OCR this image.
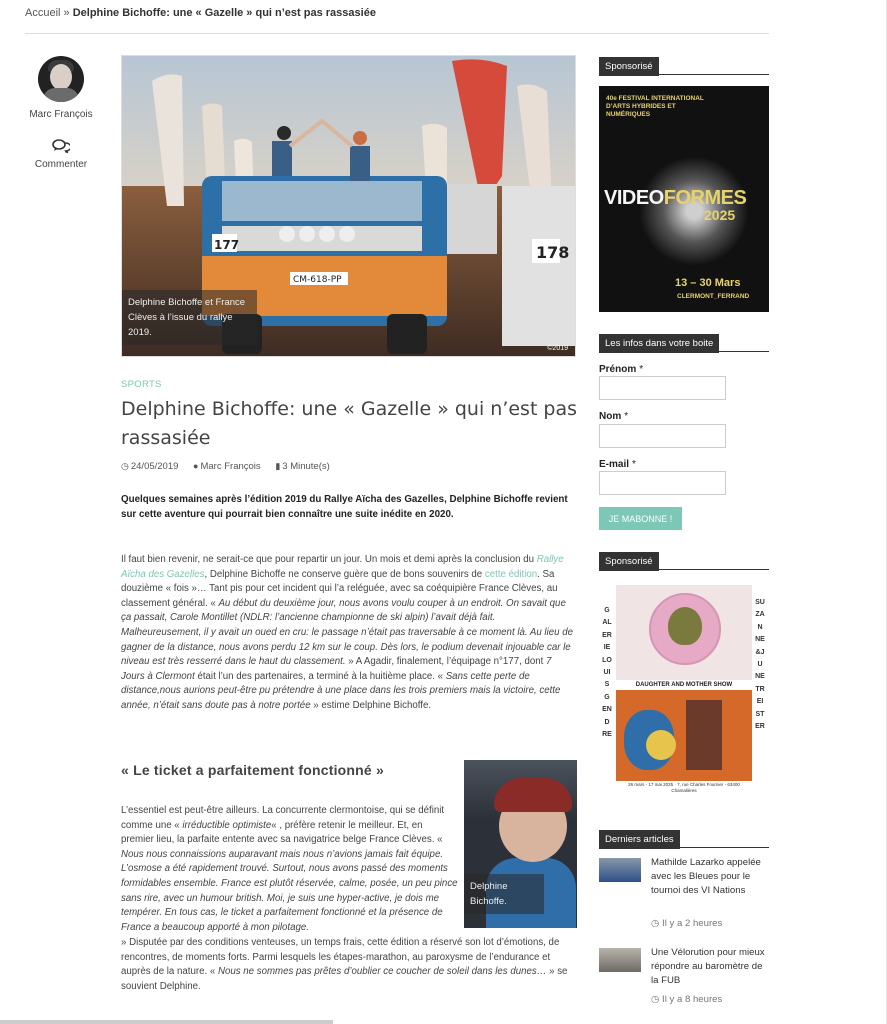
Accueil » Delphine Bichoffe: une « Gazelle » qui n’est pas rassasiée
Marc François
Commenter
178
177
CM-618-PP
Delphine Bichoffe et France Clèves à l’issue du rallye 2019.
©2019
SPORTS
Delphine Bichoffe: une « Gazelle » qui n’est pas rassasiée
◷ 24/05/2019 ● Marc François ▮ 3 Minute(s)

Quelques semaines après l’édition 2019 du Rallye Aïcha des Gazelles, Delphine Bichoffe revient sur cette aventure qui pourrait bien connaître une suite inédite en 2020.

Il faut bien revenir, ne serait-ce que pour repartir un jour. Un mois et demi après la conclusion du Rallye Aïcha des Gazelles, Delphine Bichoffe ne conserve guère que de bons souvenirs de cette édition. Sa douzième « fois »… Tant pis pour cet incident qui l’a reléguée, avec sa coéquipière France Clèves, au classement général. « Au début du deuxième jour, nous avons voulu couper à un endroit. On savait que ça passait, Carole Montillet (NDLR: l’ancienne championne de ski alpin) l’avait déjà fait. Malheureusement, il y avait un oued en cru: le passage n’était pas traversable à ce moment là. Au lieu de gagner de la distance, nous avons perdu 12 km sur le coup. Dès lors, le podium devenait injouable car le niveau est très resserré dans le haut du classement. » A Agadir, finalement, l’équipage n°177, dont 7 Jours à Clermont était l’un des partenaires, a terminé à la huitième place. « Sans cette perte de distance,nous aurions peut-être pu prétendre à une place dans les trois premiers mais la victoire, cette année, n’était sans doute pas à notre portée » estime Delphine Bichoffe.

« Le ticket a parfaitement fonctionné »
Delphine Bichoffe.

L’essentiel est peut-être ailleurs. La concurrente clermontoise, qui se définit comme une « irréductible optimiste« , préfère retenir le meilleur. Et, en premier lieu, la parfaite entente avec sa navigatrice belge France Clèves. « Nous nous connaissions auparavant mais nous n’avions jamais fait équipe. L’osmose a été rapidement trouvé. Surtout, nous avons passé des moments formidables ensemble. France est plutôt réservée, calme, posée, un peu pince sans rire, avec un humour british. Moi, je suis une hyper-active, je dois me tempérer. En tous cas, le ticket a parfaitement fonctionné et la présence de France a beaucoup apporté à mon pilotage.

» Disputée par des conditions venteuses, un temps frais, cette édition a réservé son lot d’émotions, de rencontres, de moments forts. Parmi lesquels les étapes-marathon, au paroxysme de l’endurance et auprès de la nature. « Nous ne sommes pas prêtes d’oublier ce coucher de soleil dans les dunes… » se souvient Delphine.

Sponsorisé
40e FESTIVAL INTERNATIONAL D’ARTS HYBRIDES ET NUMÉRIQUES
VIDEOFORMES
2025
13 – 30 Mars
CLERMONT_FERRAND
Les infos dans votre boite
Prénom *
Nom *
E-mail *
JE MABONNE !
Sponsorisé
GALERIELOUISGENDRE
DAUGHTER AND MOTHER SHOW
26 mars - 17 mai 2025 · 7, rue Charles Fournier - 63400 Chamalières
SUZANNE&JUNETREISTER
Derniers articles
Mathilde Lazarko appelée avec les Bleues pour le tournoi des VI Nations
◷ Il y a 2 heures
Une Vélorution pour mieux répondre au baromètre de la FUB
◷ Il y a 8 heures
